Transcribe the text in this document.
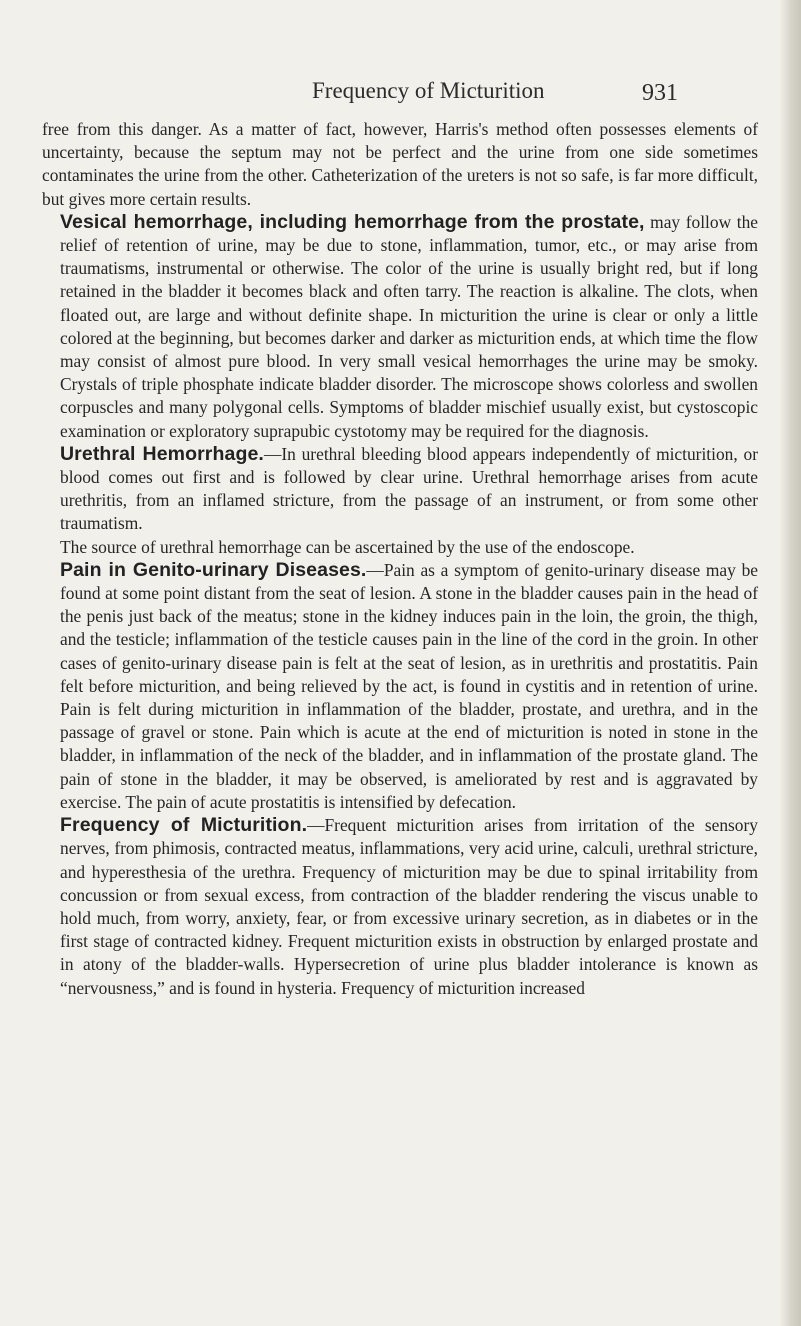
Frequency of Micturition	931

free from this danger. As a matter of fact, however, Harris's method often possesses elements of uncertainty, because the septum may not be perfect and the urine from one side sometimes contaminates the urine from the other. Catheterization of the ureters is not so safe, is far more difficult, but gives more certain results.

Vesical hemorrhage, including hemorrhage from the prostate, may follow the relief of retention of urine, may be due to stone, inflammation, tumor, etc., or may arise from traumatisms, instrumental or otherwise. The color of the urine is usually bright red, but if long retained in the bladder it becomes black and often tarry. The reaction is alkaline. The clots, when floated out, are large and without definite shape. In micturition the urine is clear or only a little colored at the beginning, but becomes darker and darker as micturition ends, at which time the flow may consist of almost pure blood. In very small vesical hemorrhages the urine may be smoky. Crystals of triple phosphate indicate bladder disorder. The microscope shows colorless and swollen corpuscles and many polygonal cells. Symptoms of bladder mischief usually exist, but cystoscopic examination or exploratory suprapubic cystotomy may be required for the diagnosis.

Urethral Hemorrhage.—In urethral bleeding blood appears independently of micturition, or blood comes out first and is followed by clear urine. Urethral hemorrhage arises from acute urethritis, from an inflamed stricture, from the passage of an instrument, or from some other traumatism.

The source of urethral hemorrhage can be ascertained by the use of the endoscope.

Pain in Genito-urinary Diseases.—Pain as a symptom of genito-urinary disease may be found at some point distant from the seat of lesion. A stone in the bladder causes pain in the head of the penis just back of the meatus; stone in the kidney induces pain in the loin, the groin, the thigh, and the testicle; inflammation of the testicle causes pain in the line of the cord in the groin. In other cases of genito-urinary disease pain is felt at the seat of lesion, as in urethritis and prostatitis. Pain felt before micturition, and being relieved by the act, is found in cystitis and in retention of urine. Pain is felt during micturition in inflammation of the bladder, prostate, and urethra, and in the passage of gravel or stone. Pain which is acute at the end of micturition is noted in stone in the bladder, in inflammation of the neck of the bladder, and in inflammation of the prostate gland. The pain of stone in the bladder, it may be observed, is ameliorated by rest and is aggravated by exercise. The pain of acute prostatitis is intensified by defecation.

Frequency of Micturition.—Frequent micturition arises from irritation of the sensory nerves, from phimosis, contracted meatus, inflammations, very acid urine, calculi, urethral stricture, and hyperesthesia of the urethra. Frequency of micturition may be due to spinal irritability from concussion or from sexual excess, from contraction of the bladder rendering the viscus unable to hold much, from worry, anxiety, fear, or from excessive urinary secretion, as in diabetes or in the first stage of contracted kidney. Frequent micturition exists in obstruction by enlarged prostate and in atony of the bladder-walls. Hypersecretion of urine plus bladder intolerance is known as “nervousness,” and is found in hysteria. Frequency of micturition increased
